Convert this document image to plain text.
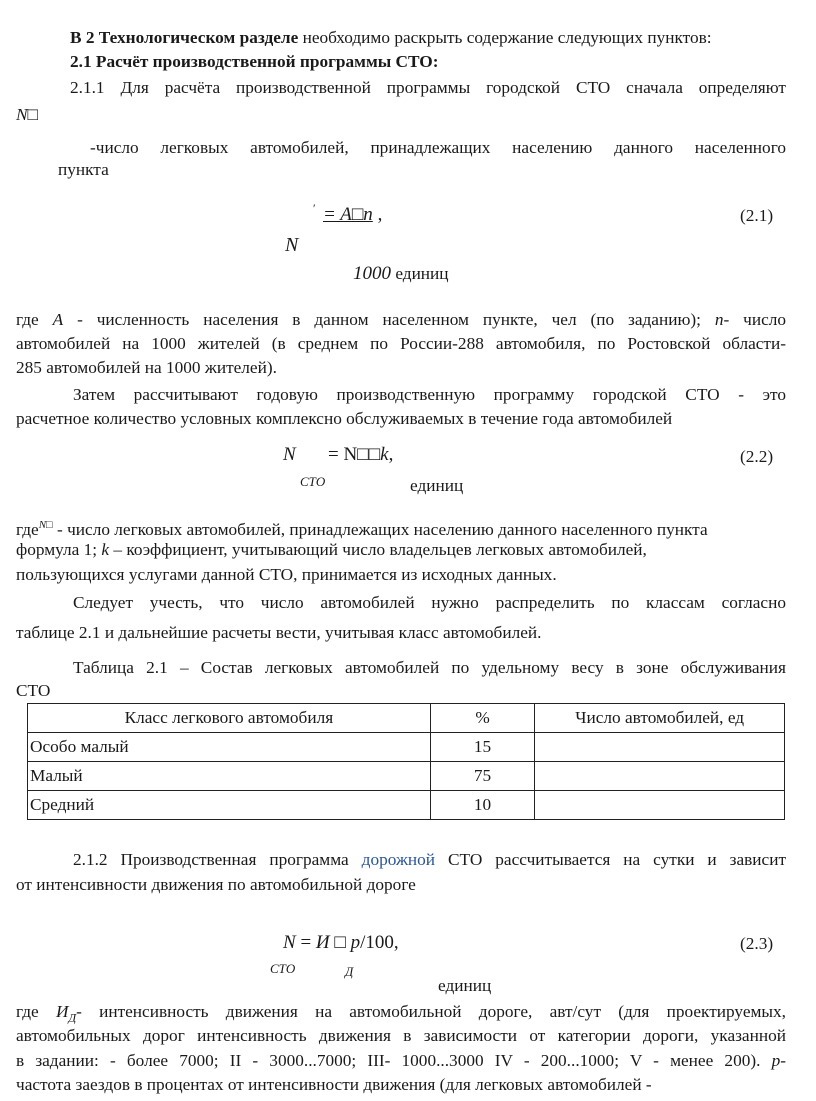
В 2 Технологическом разделе необходимо раскрыть содержание следующих пунктов:
2.1 Расчёт производственной программы СТО:
2.1.1 Для расчёта производственной программы городской СТО сначала определяют
N□
-число легковых автомобилей, принадлежащих населению данного населенного
пункта
′ = A□n ,	(2.1)
N
1000 единиц
где A - численность населения в данном населенном пункте, чел (по заданию); n- число
автомобилей на 1000 жителей (в среднем по России-288 автомобиля, по Ростовской области-
285 автомобилей на 1000 жителей).
Затем рассчитывают годовую производственную программу городской СТО - это
расчетное количество условных комплексно обслуживаемых в течение года автомобилей
N
СТО
= N□□k,	(2.2)
единиц
где$^{N□}$ - число легковых автомобилей, принадлежащих населению данного населенного пункта
формула 1; k – коэффициент, учитывающий число владельцев легковых автомобилей,
пользующихся услугами данной СТО, принимается из исходных данных.
Следует учесть, что число автомобилей нужно распределить по классам согласно
таблице 2.1 и дальнейшие расчеты вести, учитывая класс автомобилей.
Таблица 2.1 – Состав легковых автомобилей по удельному весу в зоне обслуживания
СТО
Класс легкового автомобиля	%	Число автомобилей, ед
Особо малый	15	
Малый	75	
Средний	10	
2.1.2 Производственная программа дорожной СТО рассчитывается на сутки и зависит
от интенсивности движения по автомобильной дороге
N = И □ p/100,
СТО	Д
(2.3)
единиц
где $И_Д-$ интенсивность движения на автомобильной дороге, авт/сут (для проектируемых,
автомобильных дорог интенсивность движения в зависимости от категории дороги, указанной
в задании: - более 7000; II - 3000...7000; III- 1000...3000 IV - 200...1000; V - менее 200). p-
частота заездов в процентах от интенсивности движения (для легковых автомобилей -
